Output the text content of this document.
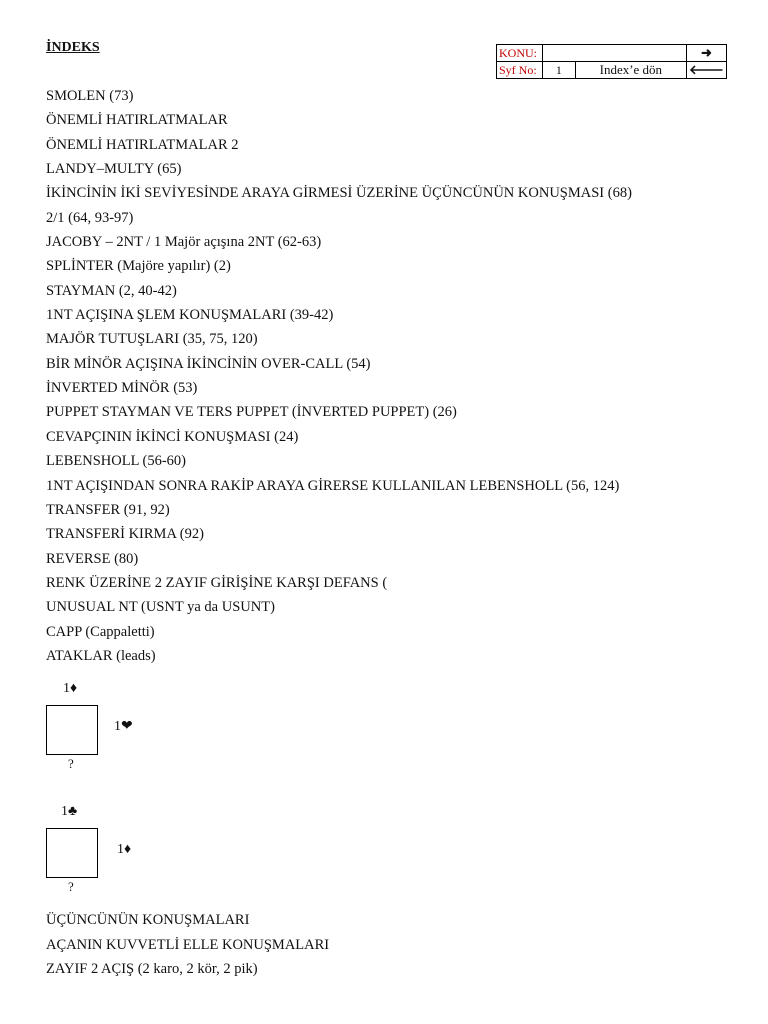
İNDEKS	KONU:			➜
Syf No:	1	Index’e dön	🡐
SMOLEN (73)
ÖNEMLİ HATIRLATMALAR
ÖNEMLİ HATIRLATMALAR 2
LANDY–MULTY (65)
İKİNCİNİN İKİ SEVİYESİNDE ARAYA GİRMESİ ÜZERİNE ÜÇÜNCÜNÜN KONUŞMASI (68)
2/1 (64, 93-97)
JACOBY – 2NT / 1 Majör açışına 2NT (62-63)
SPLİNTER (Majöre yapılır) (2)
STAYMAN (2, 40-42)
1NT AÇIŞINA ŞLEM KONUŞMALARI (39-42)
MAJÖR TUTUŞLARI (35, 75, 120)
BİR MİNÖR AÇIŞINA İKİNCİNİN OVER-CALL (54)
İNVERTED MİNÖR (53)
PUPPET STAYMAN VE TERS PUPPET (İNVERTED PUPPET) (26)
CEVAPÇININ İKİNCİ KONUŞMASI (24)
LEBENSHOLL (56-60)
1NT AÇIŞINDAN SONRA RAKİP ARAYA GİRERSE KULLANILAN LEBENSHOLL (56, 124)
TRANSFER (91, 92)
TRANSFERİ KIRMA (92)
REVERSE (80)
RENK ÜZERİNE 2 ZAYIF GİRİŞİNE KARŞI DEFANS (
UNUSUAL NT (USNT ya da USUNT)
CAPP (Cappaletti)
ATAKLAR (leads)
1♦
1❤
?
1♣
1♦
?
ÜÇÜNCÜNÜN KONUŞMALARI
AÇANIN KUVVETLİ ELLE KONUŞMALARI
ZAYIF 2 AÇIŞ (2 karo, 2 kör, 2 pik)
